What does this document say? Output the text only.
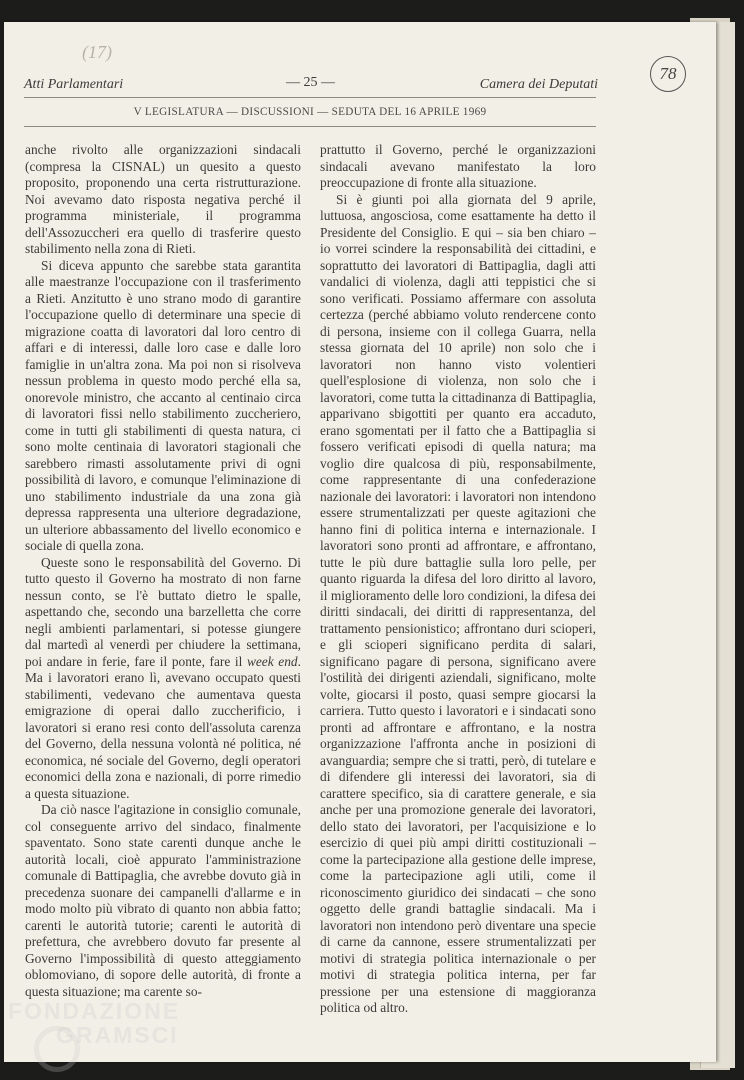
(17)
78
Atti Parlamentari	— 25 —	Camera dei Deputati
V LEGISLATURA — DISCUSSIONI — SEDUTA DEL 16 APRILE 1969

anche rivolto alle organizzazioni sindacali (compresa la CISNAL) un quesito a questo proposito, proponendo una certa ristrutturazione. Noi avevamo dato risposta negativa perché il programma ministeriale, il programma dell'Assozuccheri era quello di trasferire questo stabilimento nella zona di Rieti.

Si diceva appunto che sarebbe stata garantita alle maestranze l'occupazione con il trasferimento a Rieti. Anzitutto è uno strano modo di garantire l'occupazione quello di determinare una specie di migrazione coatta di lavoratori dal loro centro di affari e di interessi, dalle loro case e dalle loro famiglie in un'altra zona. Ma poi non si risolveva nessun problema in questo modo perché ella sa, onorevole ministro, che accanto al centinaio circa di lavoratori fissi nello stabilimento zuccheriero, come in tutti gli stabilimenti di questa natura, ci sono molte centinaia di lavoratori stagionali che sarebbero rimasti assolutamente privi di ogni possibilità di lavoro, e comunque l'eliminazione di uno stabilimento industriale da una zona già depressa rappresenta una ulteriore degradazione, un ulteriore abbassamento del livello economico e sociale di quella zona.

Queste sono le responsabilità del Governo. Di tutto questo il Governo ha mostrato di non farne nessun conto, se l'è buttato dietro le spalle, aspettando che, secondo una barzelletta che corre negli ambienti parlamentari, si potesse giungere dal martedì al venerdì per chiudere la settimana, poi andare in ferie, fare il ponte, fare il week end. Ma i lavoratori erano lì, avevano occupato questi stabilimenti, vedevano che aumentava questa emigrazione di operai dallo zuccherificio, i lavoratori si erano resi conto dell'assoluta carenza del Governo, della nessuna volontà né politica, né economica, né sociale del Governo, degli operatori economici della zona e nazionali, di porre rimedio a questa situazione.

Da ciò nasce l'agitazione in consiglio comunale, col conseguente arrivo del sindaco, finalmente spaventato. Sono state carenti dunque anche le autorità locali, cioè appurato l'amministrazione comunale di Battipaglia, che avrebbe dovuto già in precedenza suonare dei campanelli d'allarme e in modo molto più vibrato di quanto non abbia fatto; carenti le autorità tutorie; carenti le autorità di prefettura, che avrebbero dovuto far presente al Governo l'impossibilità di questo atteggiamento oblomoviano, di sopore delle autorità, di fronte a questa situazione; ma carente so-

prattutto il Governo, perché le organizzazioni sindacali avevano manifestato la loro preoccupazione di fronte alla situazione.

Si è giunti poi alla giornata del 9 aprile, luttuosa, angosciosa, come esattamente ha detto il Presidente del Consiglio. E qui – sia ben chiaro – io vorrei scindere la responsabilità dei cittadini, e soprattutto dei lavoratori di Battipaglia, dagli atti vandalici di violenza, dagli atti teppistici che si sono verificati. Possiamo affermare con assoluta certezza (perché abbiamo voluto rendercene conto di persona, insieme con il collega Guarra, nella stessa giornata del 10 aprile) non solo che i lavoratori non hanno visto volentieri quell'esplosione di violenza, non solo che i lavoratori, come tutta la cittadinanza di Battipaglia, apparivano sbigottiti per quanto era accaduto, erano sgomentati per il fatto che a Battipaglia si fossero verificati episodi di quella natura; ma voglio dire qualcosa di più, responsabilmente, come rappresentante di una confederazione nazionale dei lavoratori: i lavoratori non intendono essere strumentalizzati per queste agitazioni che hanno fini di politica interna e internazionale. I lavoratori sono pronti ad affrontare, e affrontano, tutte le più dure battaglie sulla loro pelle, per quanto riguarda la difesa del loro diritto al lavoro, il miglioramento delle loro condizioni, la difesa dei diritti sindacali, dei diritti di rappresentanza, del trattamento pensionistico; affrontano duri scioperi, e gli scioperi significano perdita di salari, significano pagare di persona, significano avere l'ostilità dei dirigenti aziendali, significano, molte volte, giocarsi il posto, quasi sempre giocarsi la carriera. Tutto questo i lavoratori e i sindacati sono pronti ad affrontare e affrontano, e la nostra organizzazione l'affronta anche in posizioni di avanguardia; sempre che si tratti, però, di tutelare e di difendere gli interessi dei lavoratori, sia di carattere specifico, sia di carattere generale, e sia anche per una promozione generale dei lavoratori, dello stato dei lavoratori, per l'acquisizione e lo esercizio di quei più ampi diritti costituzionali – come la partecipazione alla gestione delle imprese, come la partecipazione agli utili, come il riconoscimento giuridico dei sindacati – che sono oggetto delle grandi battaglie sindacali. Ma i lavoratori non intendono però diventare una specie di carne da cannone, essere strumentalizzati per motivi di strategia politica internazionale o per motivi di strategia politica interna, per far pressione per una estensione di maggioranza politica od altro.

FONDAZIONE
GRAMSCI
